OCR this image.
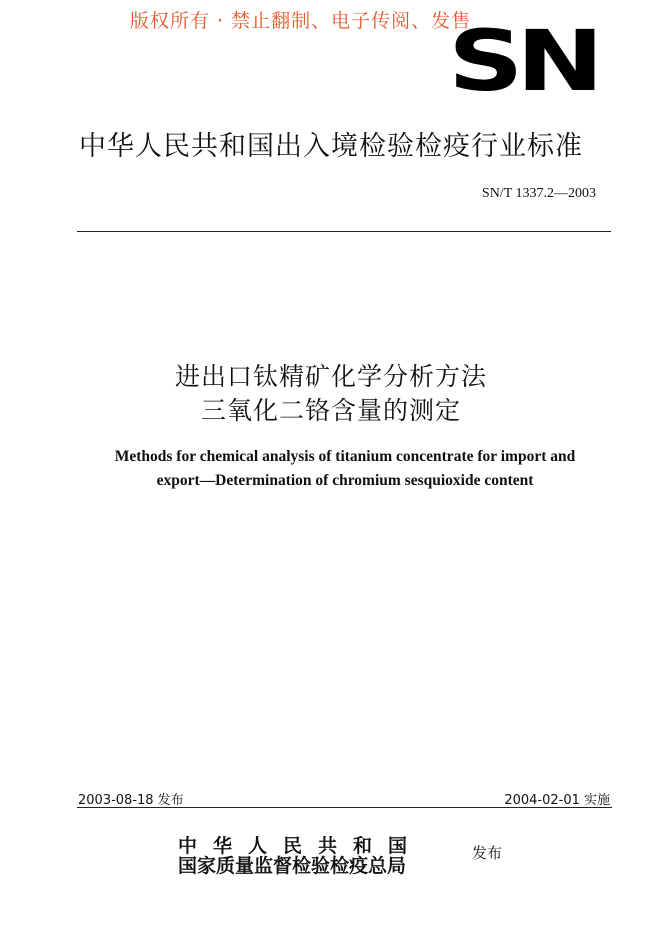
版权所有 · 禁止翻制、电子传阅、发售
SN
中华人民共和国出入境检验检疫行业标准
SN/T 1337.2—2003
进出口钛精矿化学分析方法
三氧化二铬含量的测定
Methods for chemical analysis of titanium concentrate for import and
export—Determination of chromium sesquioxide content
2003-08-18 发布	2004-02-01 实施
中华人民共和国
国家质量监督检验检疫总局
发布
